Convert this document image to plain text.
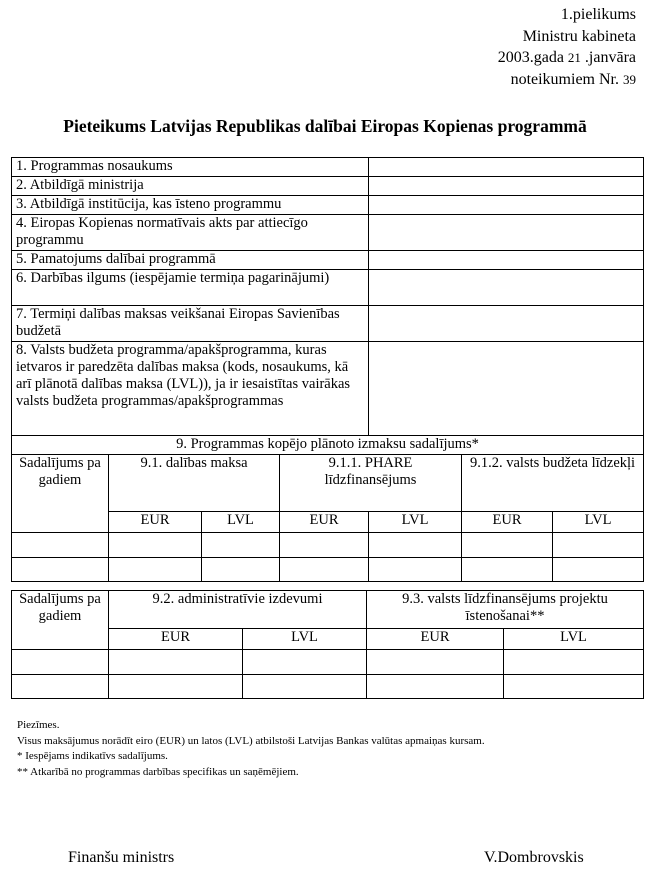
1.pielikums
Ministru kabineta
2003.gada 21 .janvāra
noteikumiem Nr. 39
Pieteikums Latvijas Republikas dalībai Eiropas Kopienas programmā
1. Programmas nosaukums						
2. Atbildīgā ministrija						
3. Atbildīgā institūcija, kas īsteno programmu						
4. Eiropas Kopienas normatīvais akts par attiecīgo programmu						
5. Pamatojums dalībai programmā						
6. Darbības ilgums (iespējamie termiņa pagarinājumi)						
7. Termiņi dalības maksas veikšanai Eiropas Savienības budžetā						
8. Valsts budžeta programma/apakšprogramma, kuras ietvaros ir paredzēta dalības maksa (kods, nosaukums, kā arī plānotā dalības maksa (LVL)), ja ir iesaistītas vairākas valsts budžeta programmas/apakšprogrammas						
9. Programmas kopējo plānoto izmaksu sadalījums*						
Sadalījums pa gadiem	9.1. dalības maksa		9.1.1. PHARE līdzfinansējums		9.1.2. valsts budžeta līdzekļi	
	EUR	LVL	EUR	LVL	EUR	LVL

Sadalījums pa gadiem	9.2. administratīvie izdevumi		9.3. valsts līdzfinansējums projektu īstenošanai**	
	EUR	LVL	EUR	LVL

Piezīmes.
Visus maksājumus norādīt eiro (EUR) un latos (LVL) atbilstoši Latvijas Bankas valūtas apmaiņas kursam.
* Iespējams indikatīvs sadalījums.
** Atkarībā no programmas darbības specifikas un saņēmējiem.
Finanšu ministrs	V.Dombrovskis
